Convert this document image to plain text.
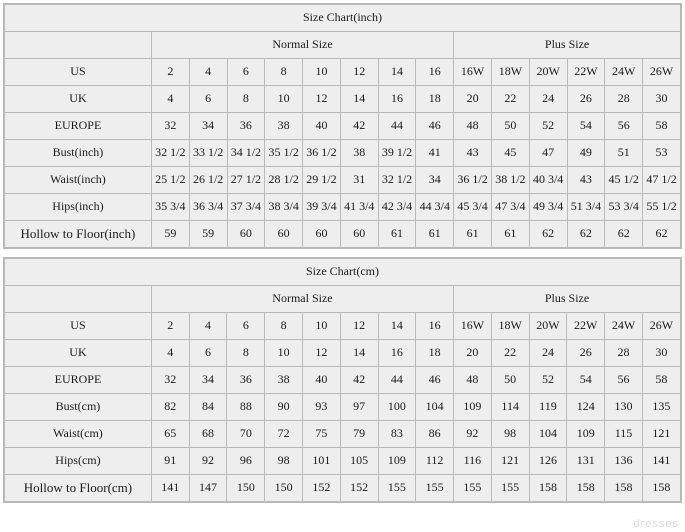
Size Chart(inch)														
	Normal Size								Plus Size					
US	2	4	6	8	10	12	14	16	16W	18W	20W	22W	24W	26W
UK	4	6	8	10	12	14	16	18	20	22	24	26	28	30
EUROPE	32	34	36	38	40	42	44	46	48	50	52	54	56	58
Bust(inch)	32 1/2	33 1/2	34 1/2	35 1/2	36 1/2	38	39 1/2	41	43	45	47	49	51	53
Waist(inch)	25 1/2	26 1/2	27 1/2	28 1/2	29 1/2	31	32 1/2	34	36 1/2	38 1/2	40 3/4	43	45 1/2	47 1/2
Hips(inch)	35 3/4	36 3/4	37 3/4	38 3/4	39 3/4	41 3/4	42 3/4	44 3/4	45 3/4	47 3/4	49 3/4	51 3/4	53 3/4	55 1/2
Hollow to Floor(inch)	59	59	60	60	60	60	61	61	61	61	62	62	62	62
Size Chart(cm)														
	Normal Size								Plus Size					
US	2	4	6	8	10	12	14	16	16W	18W	20W	22W	24W	26W
UK	4	6	8	10	12	14	16	18	20	22	24	26	28	30
EUROPE	32	34	36	38	40	42	44	46	48	50	52	54	56	58
Bust(cm)	82	84	88	90	93	97	100	104	109	114	119	124	130	135
Waist(cm)	65	68	70	72	75	79	83	86	92	98	104	109	115	121
Hips(cm)	91	92	96	98	101	105	109	112	116	121	126	131	136	141
Hollow to Floor(cm)	141	147	150	150	152	152	155	155	155	155	158	158	158	158
dresses
